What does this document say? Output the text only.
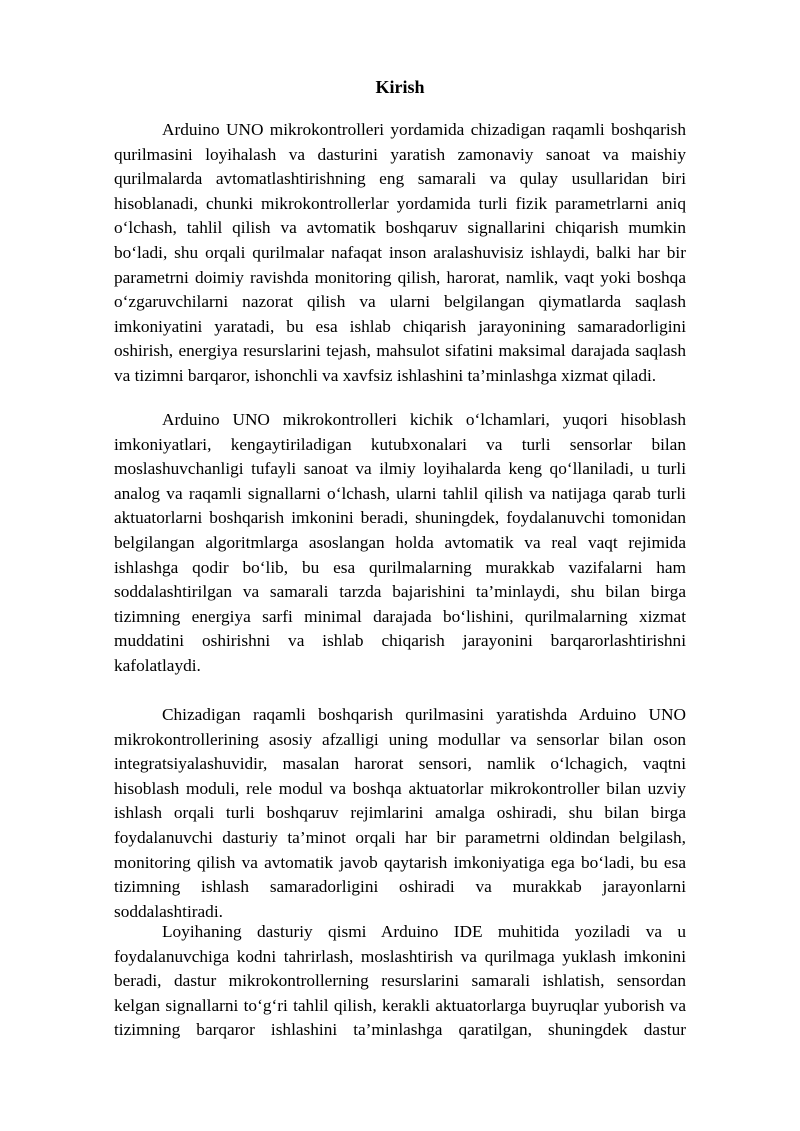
Kirish

Arduino UNO mikrokontrolleri yordamida chizadigan raqamli boshqarish qurilmasini loyihalash va dasturini yaratish zamonaviy sanoat va maishiy qurilmalarda avtomatlashtirishning eng samarali va qulay usullaridan biri hisoblanadi, chunki mikrokontrollerlar yordamida turli fizik parametrlarni aniq o‘lchash, tahlil qilish va avtomatik boshqaruv signallarini chiqarish mumkin bo‘ladi, shu orqali qurilmalar nafaqat inson aralashuvisiz ishlaydi, balki har bir parametrni doimiy ravishda monitoring qilish, harorat, namlik, vaqt yoki boshqa o‘zgaruvchilarni nazorat qilish va ularni belgilangan qiymatlarda saqlash imkoniyatini yaratadi, bu esa ishlab chiqarish jarayonining samaradorligini oshirish, energiya resurslarini tejash, mahsulot sifatini maksimal darajada saqlash va tizimni barqaror, ishonchli va xavfsiz ishlashini ta’minlashga xizmat qiladi.

Arduino UNO mikrokontrolleri kichik o‘lchamlari, yuqori hisoblash imkoniyatlari, kengaytiriladigan kutubxonalari va turli sensorlar bilan moslashuvchanligi tufayli sanoat va ilmiy loyihalarda keng qo‘llaniladi, u turli analog va raqamli signallarni o‘lchash, ularni tahlil qilish va natijaga qarab turli aktuatorlarni boshqarish imkonini beradi, shuningdek, foydalanuvchi tomonidan belgilangan algoritmlarga asoslangan holda avtomatik va real vaqt rejimida ishlashga qodir bo‘lib, bu esa qurilmalarning murakkab vazifalarni ham soddalashtirilgan va samarali tarzda bajarishini ta’minlaydi, shu bilan birga tizimning energiya sarfi minimal darajada bo‘lishini, qurilmalarning xizmat muddatini oshirishni va ishlab chiqarish jarayonini barqarorlashtirishni kafolatlaydi.

Chizadigan raqamli boshqarish qurilmasini yaratishda Arduino UNO mikrokontrollerining asosiy afzalligi uning modullar va sensorlar bilan oson integratsiyalashuvidir, masalan harorat sensori, namlik o‘lchagich, vaqtni hisoblash moduli, rele modul va boshqa aktuatorlar mikrokontroller bilan uzviy ishlash orqali turli boshqaruv rejimlarini amalga oshiradi, shu bilan birga foydalanuvchi dasturiy ta’minot orqali har bir parametrni oldindan belgilash, monitoring qilish va avtomatik javob qaytarish imkoniyatiga ega bo‘ladi, bu esa tizimning ishlash samaradorligini oshiradi va murakkab jarayonlarni soddalashtiradi.

Loyihaning dasturiy qismi Arduino IDE muhitida yoziladi va u foydalanuvchiga kodni tahrirlash, moslashtirish va qurilmaga yuklash imkonini beradi, dastur mikrokontrollerning resurslarini samarali ishlatish, sensordan kelgan signallarni to‘g‘ri tahlil qilish, kerakli aktuatorlarga buyruqlar yuborish va tizimning barqaror ishlashini ta’minlashga qaratilgan, shuningdek dastur
